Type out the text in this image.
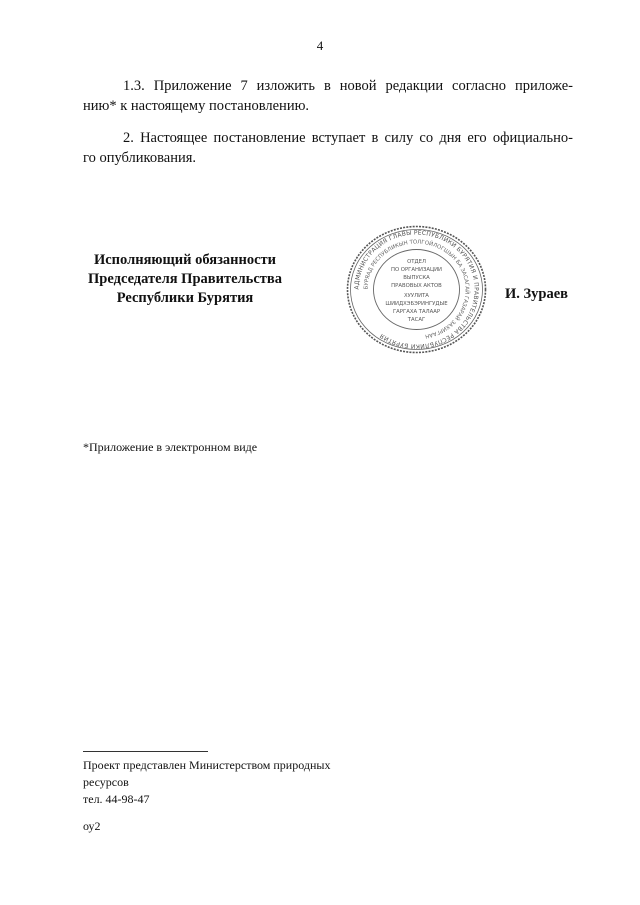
4

1.3. Приложение 7 изложить в новой редакции согласно приложе-
нию* к настоящему постановлению.

2. Настоящее постановление вступает в силу со дня его официально-
го опубликования.

Исполняющий обязанности
Председателя Правительства
Республики Бурятия
АДМИНИСТРАЦИЯ ГЛАВЫ РЕСПУБЛИКИ БУРЯТИЯ И ПРАВИТЕЛЬСТВА РЕСПУБЛИКИ БУРЯТИЯ
БУРЯАД РЕСПУБЛИКЫН ТОЛГОЙЛОГШЫН БА ЗАСАГАЙ ГАЗАРАЙ ЗАХИРГААН
ОТДЕЛ
ПО ОРГАНИЗАЦИИ
ВЫПУСКА
ПРАВОВЫХ АКТОВ
ХУУЛИТА
ШИИДХЭБЭРИНГУДЫЕ
ГАРГАХА ТАЛААР
ТАСАГ
И. Зураев
*Приложение в электронном виде
Проект представлен Министерством природных
ресурсов
тел. 44-98-47
оу2
